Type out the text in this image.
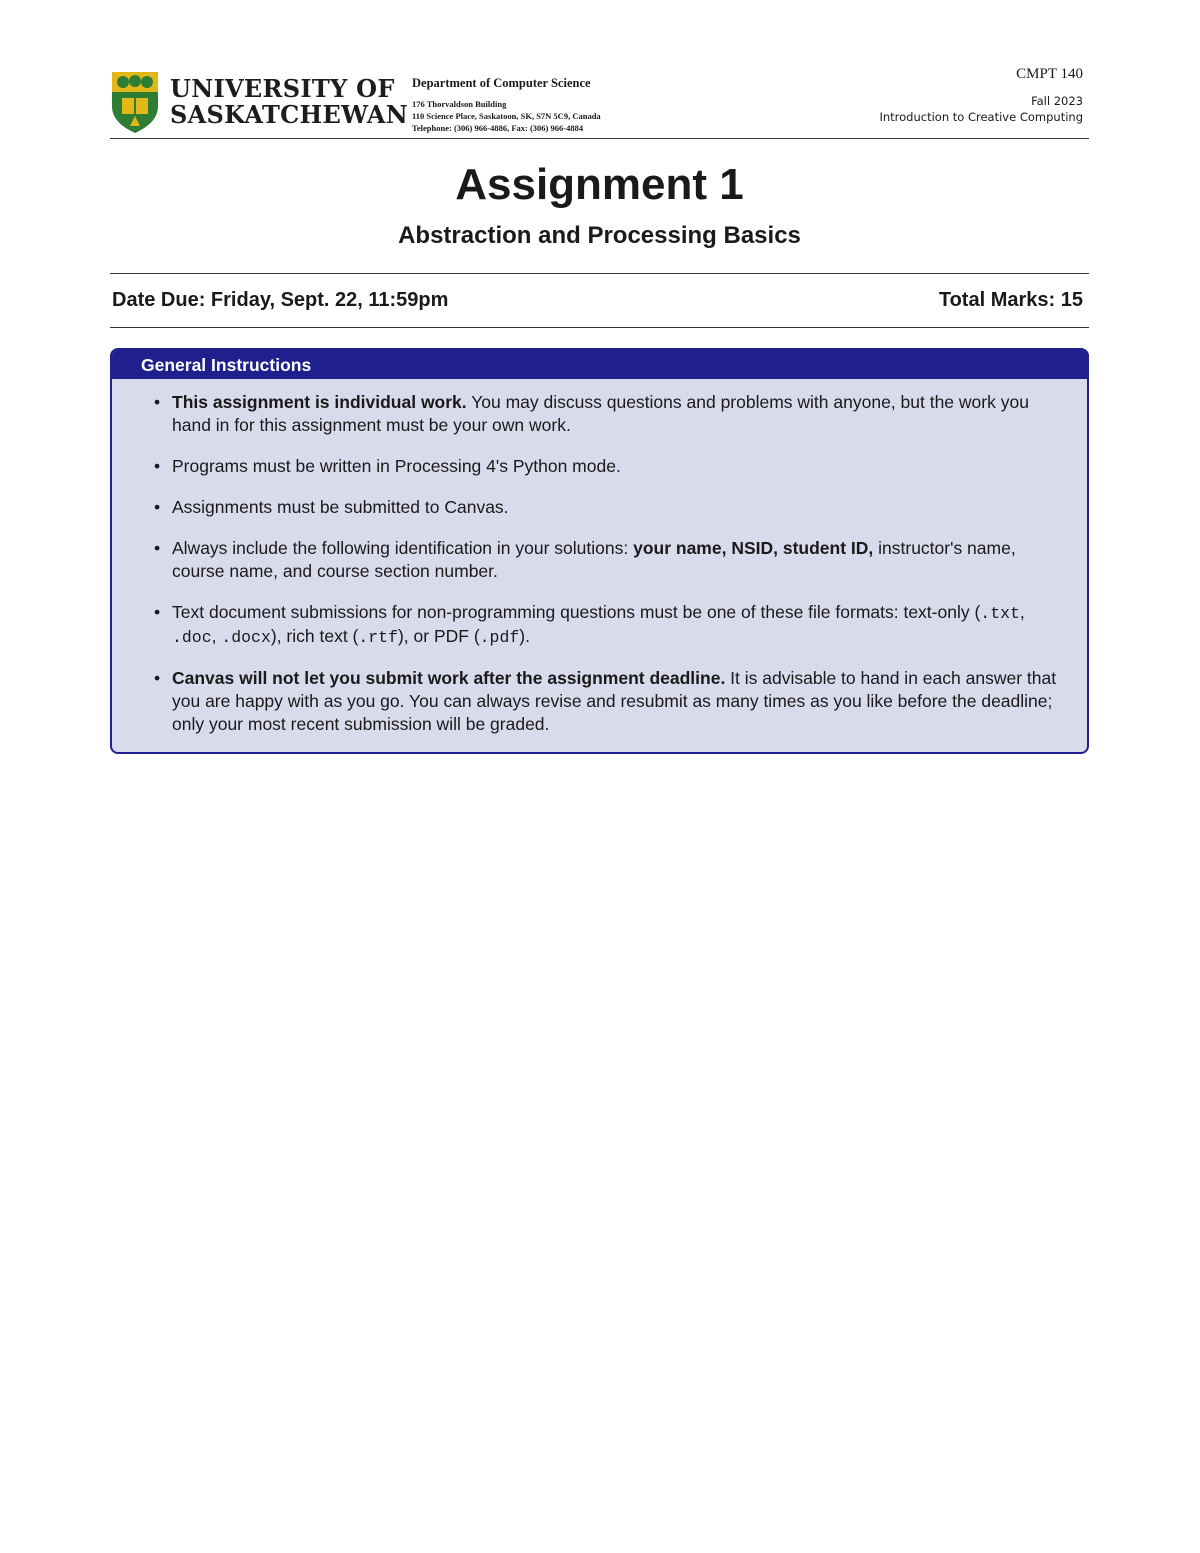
UNIVERSITY OF
SASKATCHEWAN
Department of Computer Science
176 Thorvaldson Building
110 Science Place, Saskatoon, SK, S7N 5C9, Canada
Telephone: (306) 966-4886, Fax: (306) 966-4884
CMPT 140
Fall 2023
Introduction to Creative Computing
Assignment 1
Abstraction and Processing Basics
Date Due: Friday, Sept. 22, 11:59pm	Total Marks: 15
General Instructions
• This assignment is individual work. You may discuss questions and problems with anyone, but the work you hand in for this assignment must be your own work.
• Programs must be written in Processing 4's Python mode.
• Assignments must be submitted to Canvas.
• Always include the following identification in your solutions: your name, NSID, student ID, instructor's name, course name, and course section number.
• Text document submissions for non-programming questions must be one of these file formats: text-only (.txt, .doc, .docx), rich text (.rtf), or PDF (.pdf).
• Canvas will not let you submit work after the assignment deadline. It is advisable to hand in each answer that you are happy with as you go. You can always revise and resubmit as many times as you like before the deadline; only your most recent submission will be graded.
